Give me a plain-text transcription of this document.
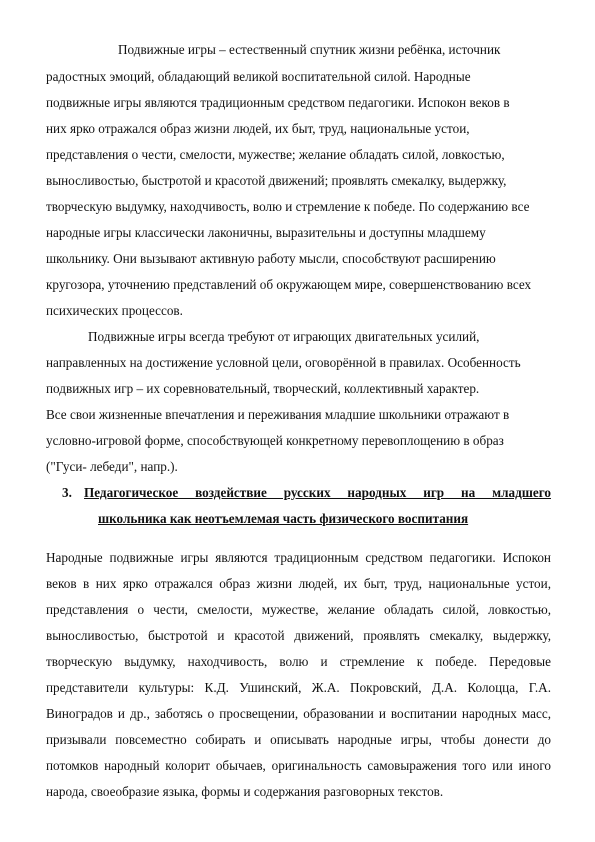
Подвижные игры – естественный спутник жизни ребёнка, источник
радостных эмоций, обладающий великой воспитательной силой. Народные
подвижные игры являются традиционным средством педагогики. Испокон веков в
них ярко отражался образ жизни людей, их быт, труд, национальные устои,
представления о чести, смелости, мужестве; желание обладать силой, ловкостью,
выносливостью, быстротой и красотой движений; проявлять смекалку, выдержку,
творческую выдумку, находчивость, волю и стремление к победе. По содержанию все
народные игры классически лаконичны, выразительны и доступны младшему
школьнику. Они вызывают активную работу мысли, способствуют расширению
кругозора, уточнению представлений об окружающем мире, совершенствованию всех
психических процессов.
Подвижные игры всегда требуют от играющих двигательных усилий,
направленных на достижение условной цели, оговорённой в правилах. Особенность
подвижных игр – их соревновательный, творческий, коллективный характер.
Все свои жизненные впечатления и переживания младшие школьники отражают в
условно-игровой форме, способствующей конкретному перевоплощению в образ
("Гуси- лебеди", напр.).
3. Педагогическое воздействие русских народных игр на младшего
школьника как неотъемлемая часть физического воспитания
Народные подвижные игры являются традиционным средством педагогики. Испокон
веков в них ярко отражался образ жизни людей, их быт, труд, национальные устои,
представления о чести, смелости, мужестве, желание обладать силой, ловкостью,
выносливостью, быстротой и красотой движений, проявлять смекалку, выдержку,
творческую выдумку, находчивость, волю и стремление к победе. Передовые
представители культуры: К.Д. Ушинский, Ж.А. Покровский, Д.А. Колоцца, Г.А.
Виноградов и др., заботясь о просвещении, образовании и воспитании народных масс,
призывали повсеместно собирать и описывать народные игры, чтобы донести до
потомков народный колорит обычаев, оригинальность самовыражения того или иного
народа, своеобразие языка, формы и содержания разговорных текстов.
